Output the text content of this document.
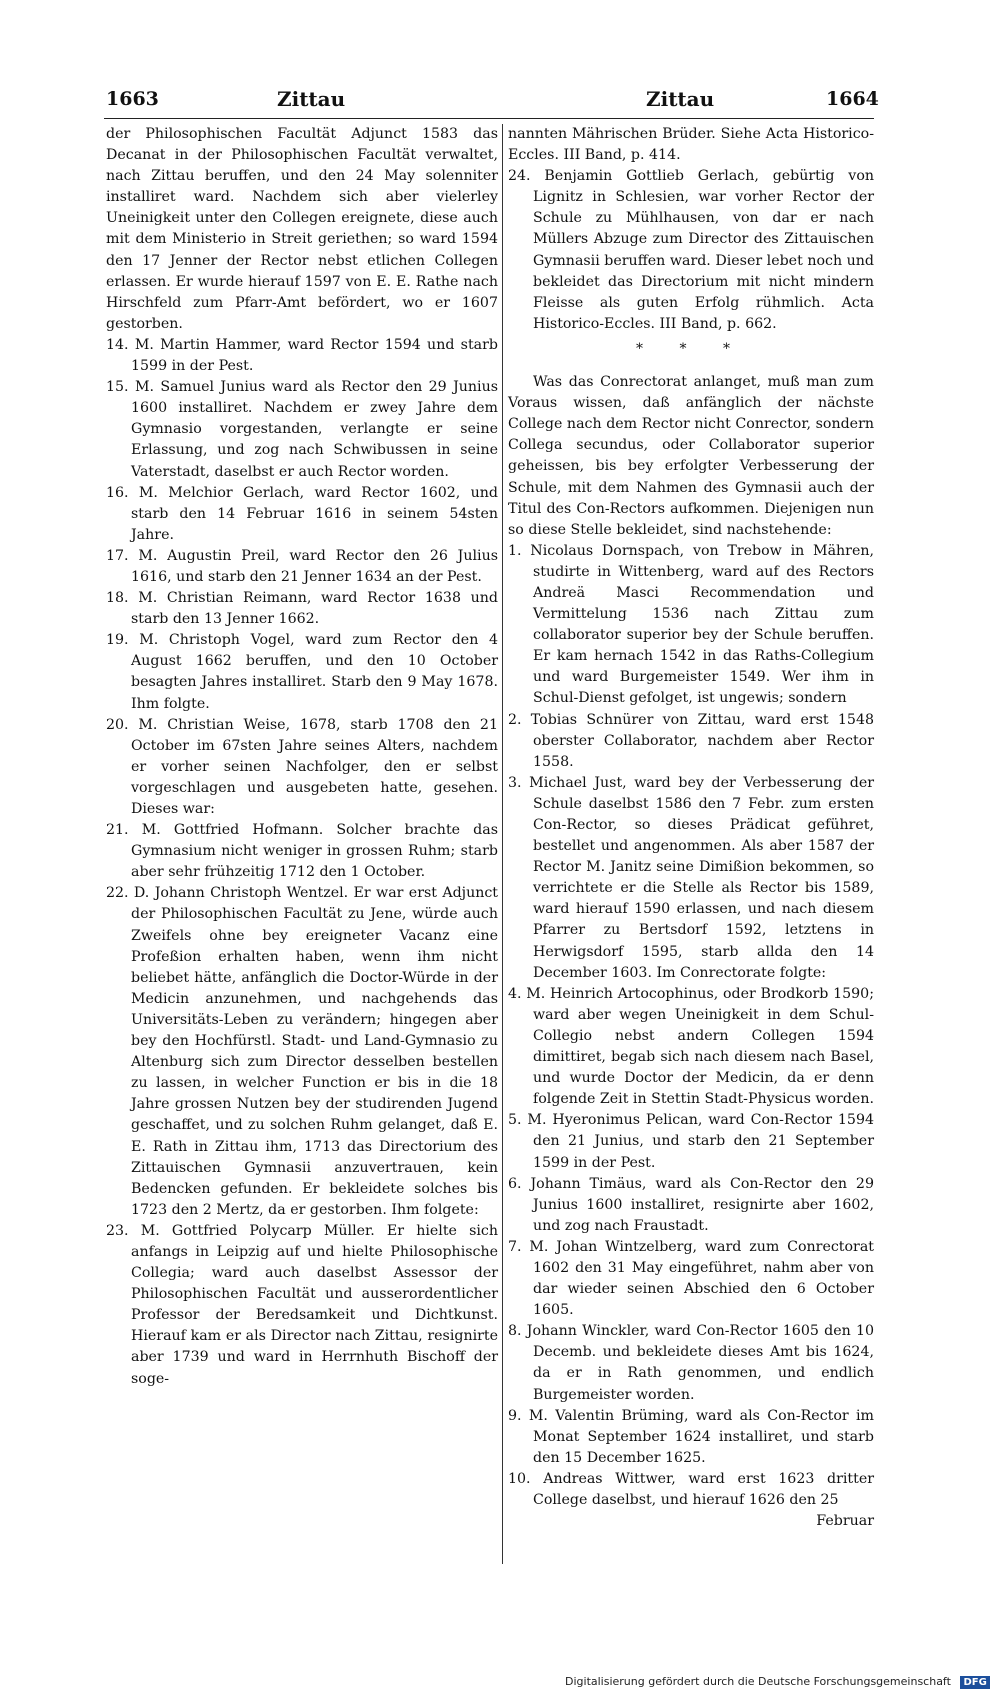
1663	Zittau	Zittau	1664

der Philosophischen Facultät Adjunct 1583 das Decanat in der Philosophischen Facultät verwaltet, nach Zittau beruffen, und den 24 May solenniter installiret ward. Nachdem sich aber vielerley Uneinigkeit unter den Collegen ereignete, diese auch mit dem Ministerio in Streit geriethen; so ward 1594 den 17 Jenner der Rector nebst etlichen Collegen erlassen. Er wurde hierauf 1597 von E. E. Rathe nach Hirschfeld zum Pfarr-Amt befördert, wo er 1607 gestorben.

14. M. Martin Hammer, ward Rector 1594 und starb 1599 in der Pest.

15. M. Samuel Junius ward als Rector den 29 Junius 1600 installiret. Nachdem er zwey Jahre dem Gymnasio vorgestanden, verlangte er seine Erlassung, und zog nach Schwibussen in seine Vaterstadt, daselbst er auch Rector worden.

16. M. Melchior Gerlach, ward Rector 1602, und starb den 14 Februar 1616 in seinem 54sten Jahre.

17. M. Augustin Preil, ward Rector den 26 Julius 1616, und starb den 21 Jenner 1634 an der Pest.

18. M. Christian Reimann, ward Rector 1638 und starb den 13 Jenner 1662.

19. M. Christoph Vogel, ward zum Rector den 4 August 1662 beruffen, und den 10 October besagten Jahres installiret. Starb den 9 May 1678. Ihm folgte.

20. M. Christian Weise, 1678, starb 1708 den 21 October im 67sten Jahre seines Alters, nachdem er vorher seinen Nachfolger, den er selbst vorgeschlagen und ausgebeten hatte, gesehen. Dieses war:

21. M. Gottfried Hofmann. Solcher brachte das Gymnasium nicht weniger in grossen Ruhm; starb aber sehr frühzeitig 1712 den 1 October.

22. D. Johann Christoph Wentzel. Er war erst Adjunct der Philosophischen Facultät zu Jene, würde auch Zweifels ohne bey ereigneter Vacanz eine Profeßion erhalten haben, wenn ihm nicht beliebet hätte, anfänglich die Doctor-Würde in der Medicin anzunehmen, und nachgehends das Universitäts-Leben zu verändern; hingegen aber bey den Hochfürstl. Stadt- und Land-Gymnasio zu Altenburg sich zum Director desselben bestellen zu lassen, in welcher Function er bis in die 18 Jahre grossen Nutzen bey der studirenden Jugend geschaffet, und zu solchen Ruhm gelanget, daß E. E. Rath in Zittau ihm, 1713 das Directorium des Zittauischen Gymnasii anzuvertrauen, kein Bedencken gefunden. Er bekleidete solches bis 1723 den 2 Mertz, da er gestorben. Ihm folgete:

23. M. Gottfried Polycarp Müller. Er hielte sich anfangs in Leipzig auf und hielte Philosophische Collegia; ward auch daselbst Assessor der Philosophischen Facultät und ausserordentlicher Professor der Beredsamkeit und Dichtkunst. Hierauf kam er als Director nach Zittau, resignirte aber 1739 und ward in Herrnhuth Bischoff der soge-

nannten Mährischen Brüder. Siehe Acta Historico-Eccles. III Band, p. 414.

24. Benjamin Gottlieb Gerlach, gebürtig von Lignitz in Schlesien, war vorher Rector der Schule zu Mühlhausen, von dar er nach Müllers Abzuge zum Director des Zittauischen Gymnasii beruffen ward. Dieser lebet noch und bekleidet das Directorium mit nicht mindern Fleisse als guten Erfolg rühmlich. Acta Historico-Eccles. III Band, p. 662.

* * *

Was das Conrectorat anlanget, muß man zum Voraus wissen, daß anfänglich der nächste College nach dem Rector nicht Conrector, sondern Collega secundus, oder Collaborator superior geheissen, bis bey erfolgter Verbesserung der Schule, mit dem Nahmen des Gymnasii auch der Titul des Con-Rectors aufkommen. Diejenigen nun so diese Stelle bekleidet, sind nachstehende:

1. Nicolaus Dornspach, von Trebow in Mähren, studirte in Wittenberg, ward auf des Rectors Andreä Masci Recommendation und Vermittelung 1536 nach Zittau zum collaborator superior bey der Schule beruffen. Er kam hernach 1542 in das Raths-Collegium und ward Burgemeister 1549. Wer ihm in Schul-Dienst gefolget, ist ungewis; sondern

2. Tobias Schnürer von Zittau, ward erst 1548 oberster Collaborator, nachdem aber Rector 1558.

3. Michael Just, ward bey der Verbesserung der Schule daselbst 1586 den 7 Febr. zum ersten Con-Rector, so dieses Prädicat geführet, bestellet und angenommen. Als aber 1587 der Rector M. Janitz seine Dimißion bekommen, so verrichtete er die Stelle als Rector bis 1589, ward hierauf 1590 erlassen, und nach diesem Pfarrer zu Bertsdorf 1592, letztens in Herwigsdorf 1595, starb allda den 14 December 1603. Im Conrectorate folgte:

4. M. Heinrich Artocophinus, oder Brodkorb 1590; ward aber wegen Uneinigkeit in dem Schul-Collegio nebst andern Collegen 1594 dimittiret, begab sich nach diesem nach Basel, und wurde Doctor der Medicin, da er denn folgende Zeit in Stettin Stadt-Physicus worden.

5. M. Hyeronimus Pelican, ward Con-Rector 1594 den 21 Junius, und starb den 21 September 1599 in der Pest.

6. Johann Timäus, ward als Con-Rector den 29 Junius 1600 installiret, resignirte aber 1602, und zog nach Fraustadt.

7. M. Johan Wintzelberg, ward zum Conrectorat 1602 den 31 May eingeführet, nahm aber von dar wieder seinen Abschied den 6 October 1605.

8. Johann Winckler, ward Con-Rector 1605 den 10 Decemb. und bekleidete dieses Amt bis 1624, da er in Rath genommen, und endlich Burgemeister worden.

9. M. Valentin Brüming, ward als Con-Rector im Monat September 1624 installiret, und starb den 15 December 1625.

10. Andreas Wittwer, ward erst 1623 dritter College daselbst, und hierauf 1626 den 25

Februar

Digitalisierung gefördert durch die Deutsche Forschungsgemeinschaft DFG
